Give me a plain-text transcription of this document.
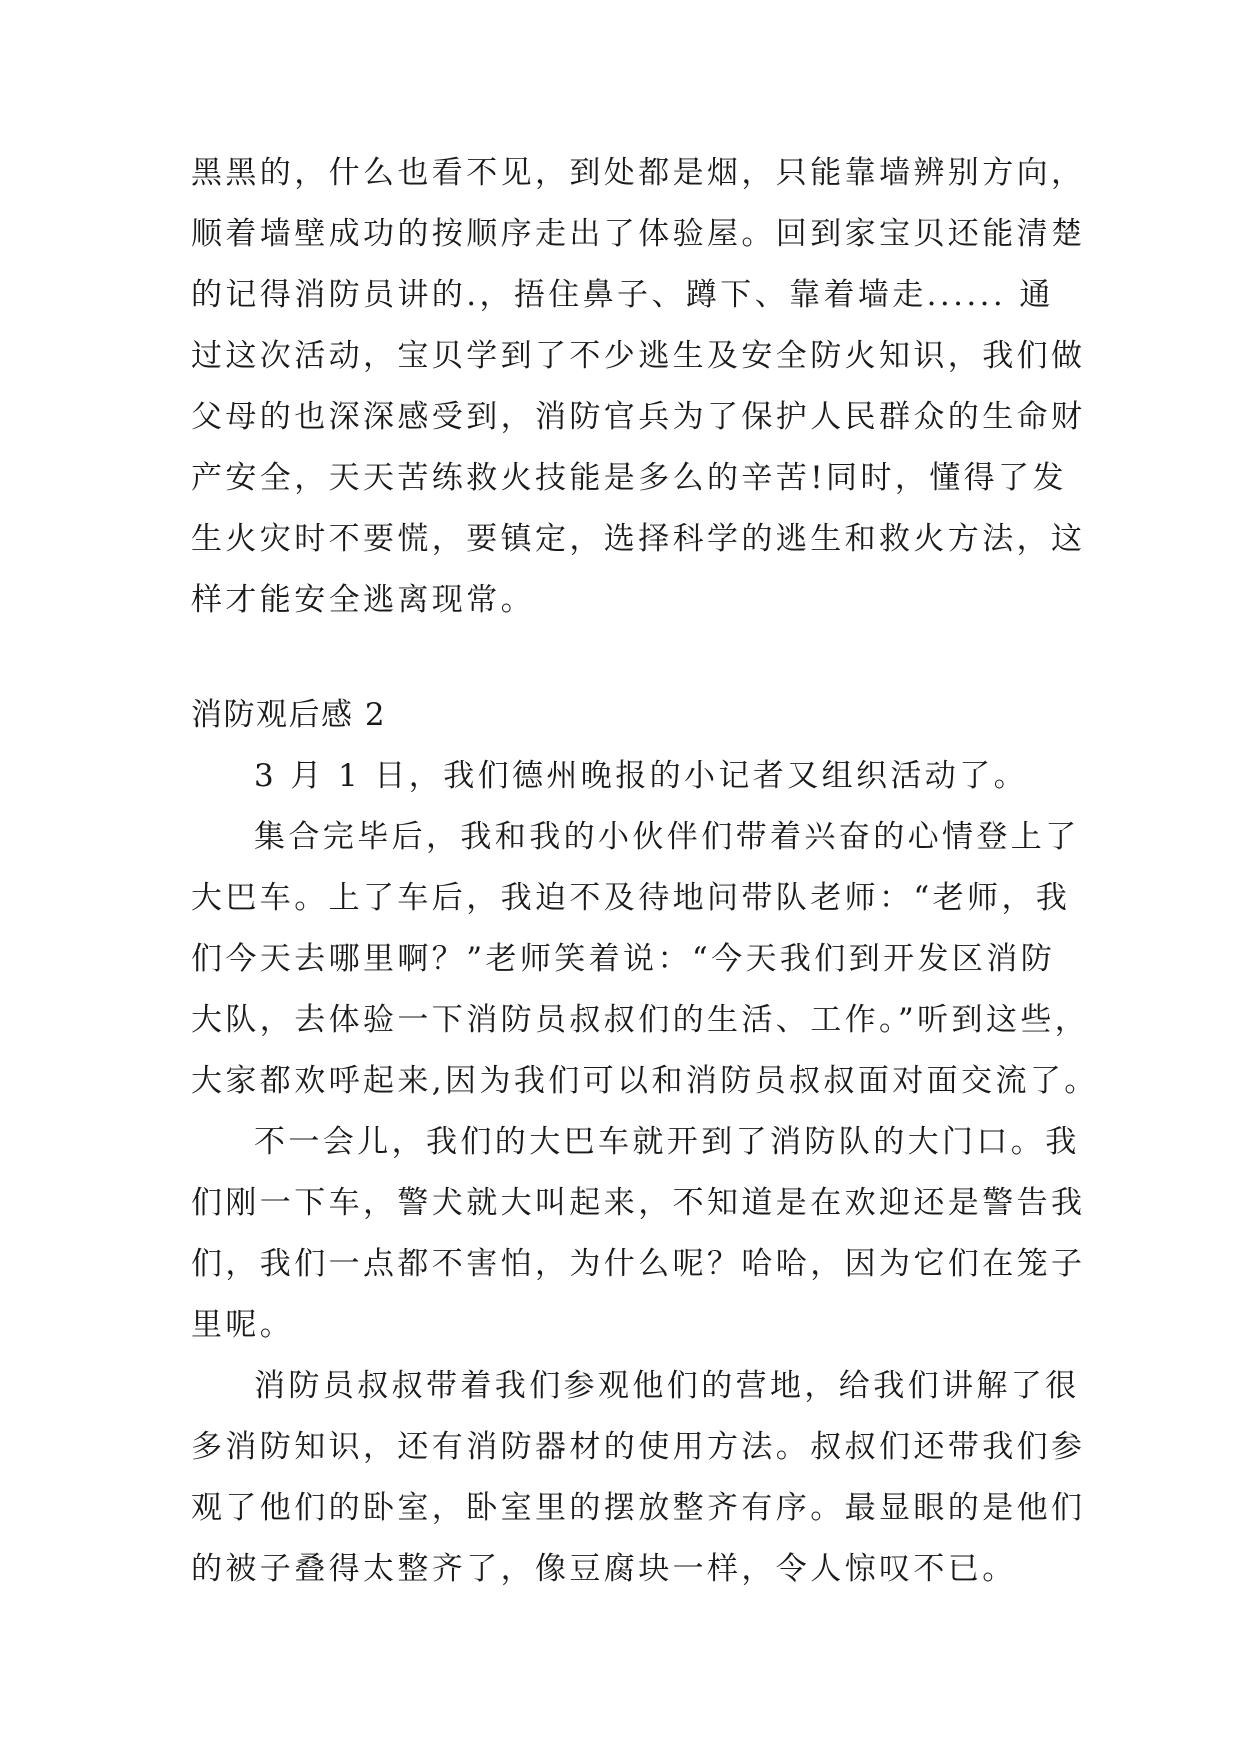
黑黑的，什么也看不见，到处都是烟，只能靠墙辨别方向，
顺着墙壁成功的按顺序走出了体验屋。回到家宝贝还能清楚
的记得消防员讲的.，捂住鼻子、蹲下、靠着墙走...... 通
过这次活动，宝贝学到了不少逃生及安全防火知识，我们做
父母的也深深感受到，消防官兵为了保护人民群众的生命财
产安全，天天苦练救火技能是多么的辛苦!同时，懂得了发
生火灾时不要慌，要镇定，选择科学的逃生和救火方法，这
样才能安全逃离现常。
消防观后感 2
3 月 1 日，我们德州晚报的小记者又组织活动了。
集合完毕后，我和我的小伙伴们带着兴奋的心情登上了
大巴车。上了车后，我迫不及待地问带队老师：“老师，我
们今天去哪里啊？”老师笑着说：“今天我们到开发区消防
大队，去体验一下消防员叔叔们的生活、工作。”听到这些，
大家都欢呼起来,因为我们可以和消防员叔叔面对面交流了。
不一会儿，我们的大巴车就开到了消防队的大门口。我
们刚一下车，警犬就大叫起来，不知道是在欢迎还是警告我
们，我们一点都不害怕，为什么呢？哈哈，因为它们在笼子
里呢。
消防员叔叔带着我们参观他们的营地，给我们讲解了很
多消防知识，还有消防器材的使用方法。叔叔们还带我们参
观了他们的卧室，卧室里的摆放整齐有序。最显眼的是他们
的被子叠得太整齐了，像豆腐块一样，令人惊叹不已。
